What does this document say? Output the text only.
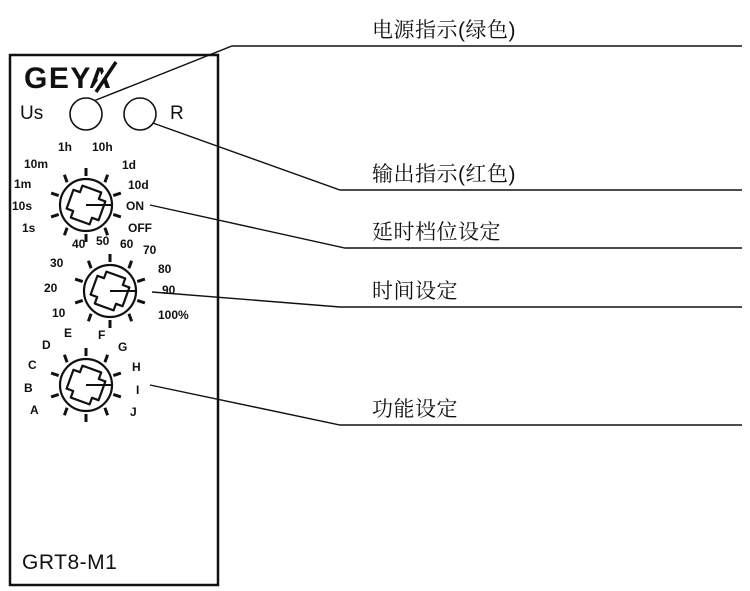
GEYA
Us	R
GRT8-M1
1h 10h
10m	1d
1m	10d
10s	ON
1s	OFF
40 50 60 70
30	80
20	90
10	100%
E F
D	G
C	H
B	I
A	J
电源指示(绿色)
输出指示(红色)
延时档位设定
时间设定
功能设定
